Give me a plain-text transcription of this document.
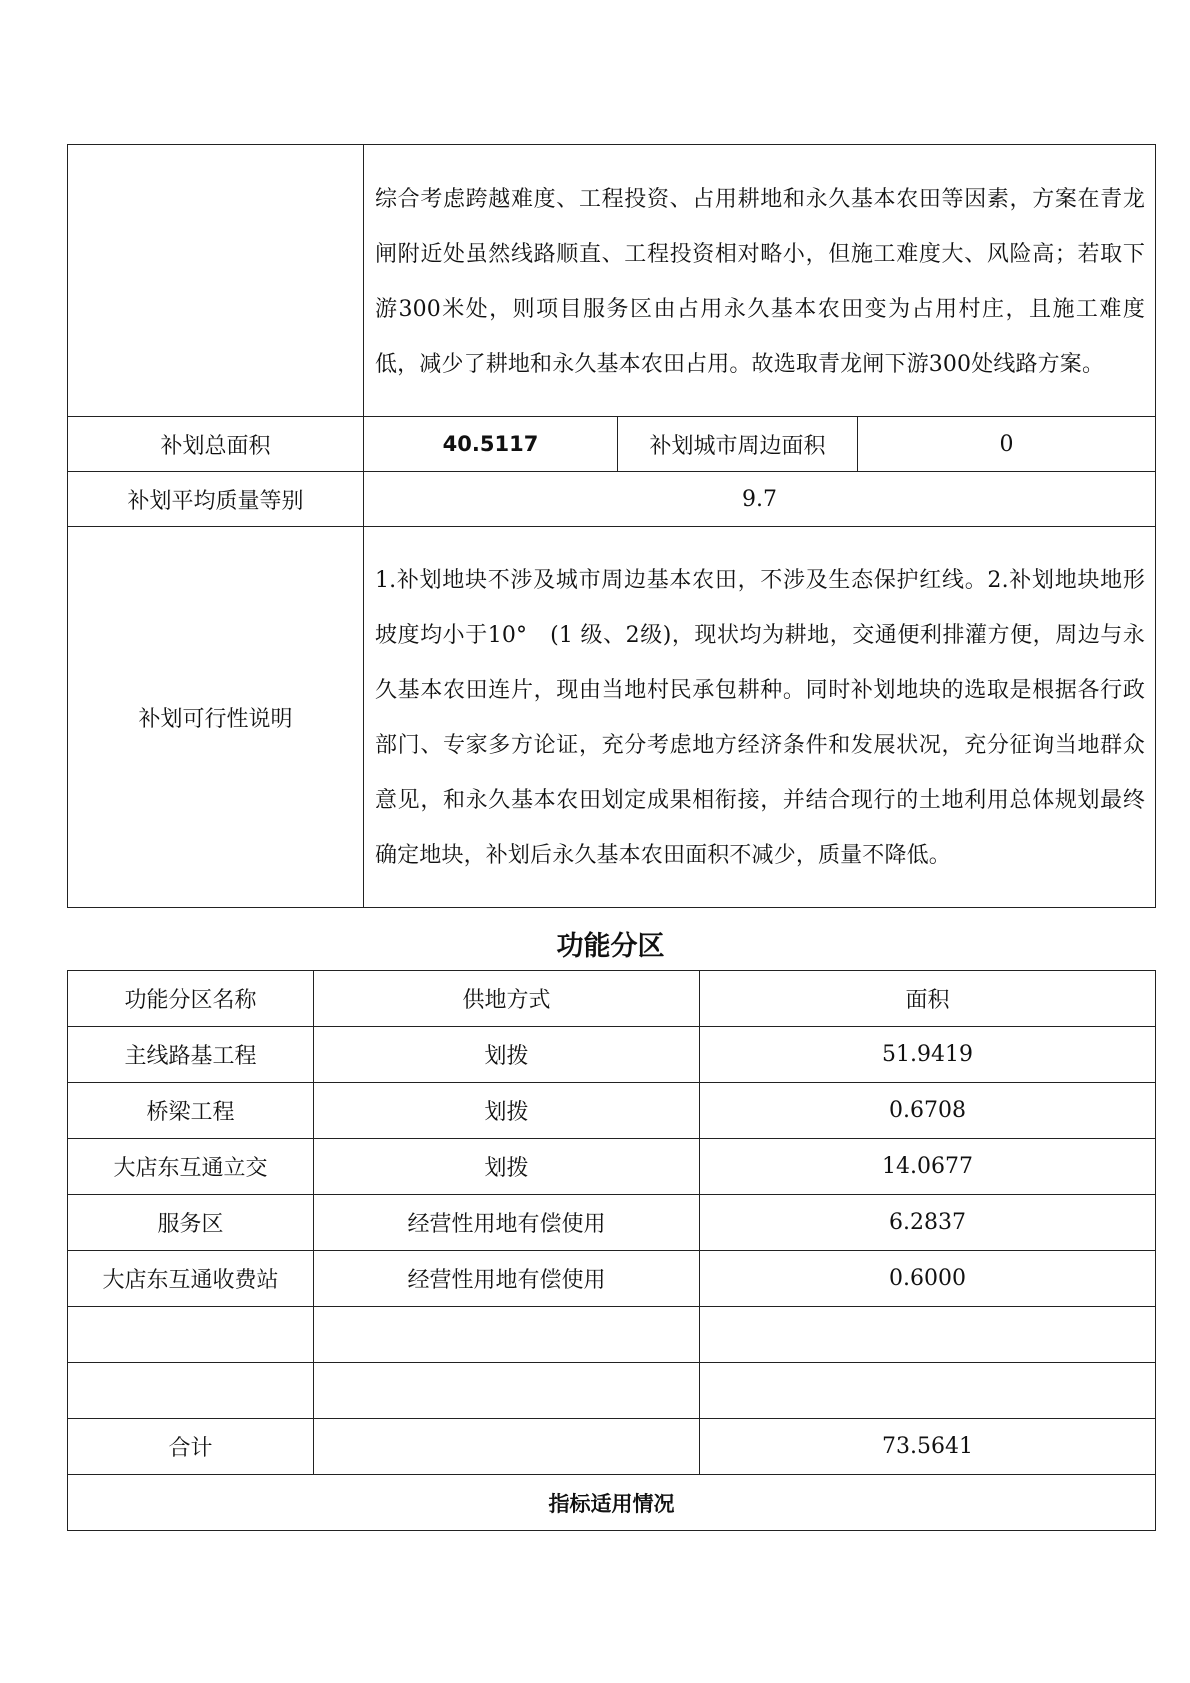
	综合考虑跨越难度、工程投资、占用耕地和永久基本农田等因素，方案在青龙闸附近处虽然线路顺直、工程投资相对略小，但施工难度大、风险高；若取下游300米处，则项目服务区由占用永久基本农田变为占用村庄，且施工难度低，减少了耕地和永久基本农田占用。故选取青龙闸下游300处线路方案。		
补划总面积	40.5117	补划城市周边面积	0
补划平均质量等别	9.7		
补划可行性说明	1.补划地块不涉及城市周边基本农田，不涉及生态保护红线。2.补划地块地形坡度均小于10°　(1 级、2级)，现状均为耕地，交通便利排灌方便，周边与永久基本农田连片，现由当地村民承包耕种。同时补划地块的选取是根据各行政部门、专家多方论证，充分考虑地方经济条件和发展状况，充分征询当地群众意见，和永久基本农田划定成果相衔接，并结合现行的土地利用总体规划最终确定地块，补划后永久基本农田面积不减少，质量不降低。		
功能分区
功能分区名称	供地方式	面积
主线路基工程	划拨	51.9419
桥梁工程	划拨	0.6708
大店东互通立交	划拨	14.0677
服务区	经营性用地有偿使用	6.2837
大店东互通收费站	经营性用地有偿使用	0.6000

合计		73.5641
指标适用情况		
